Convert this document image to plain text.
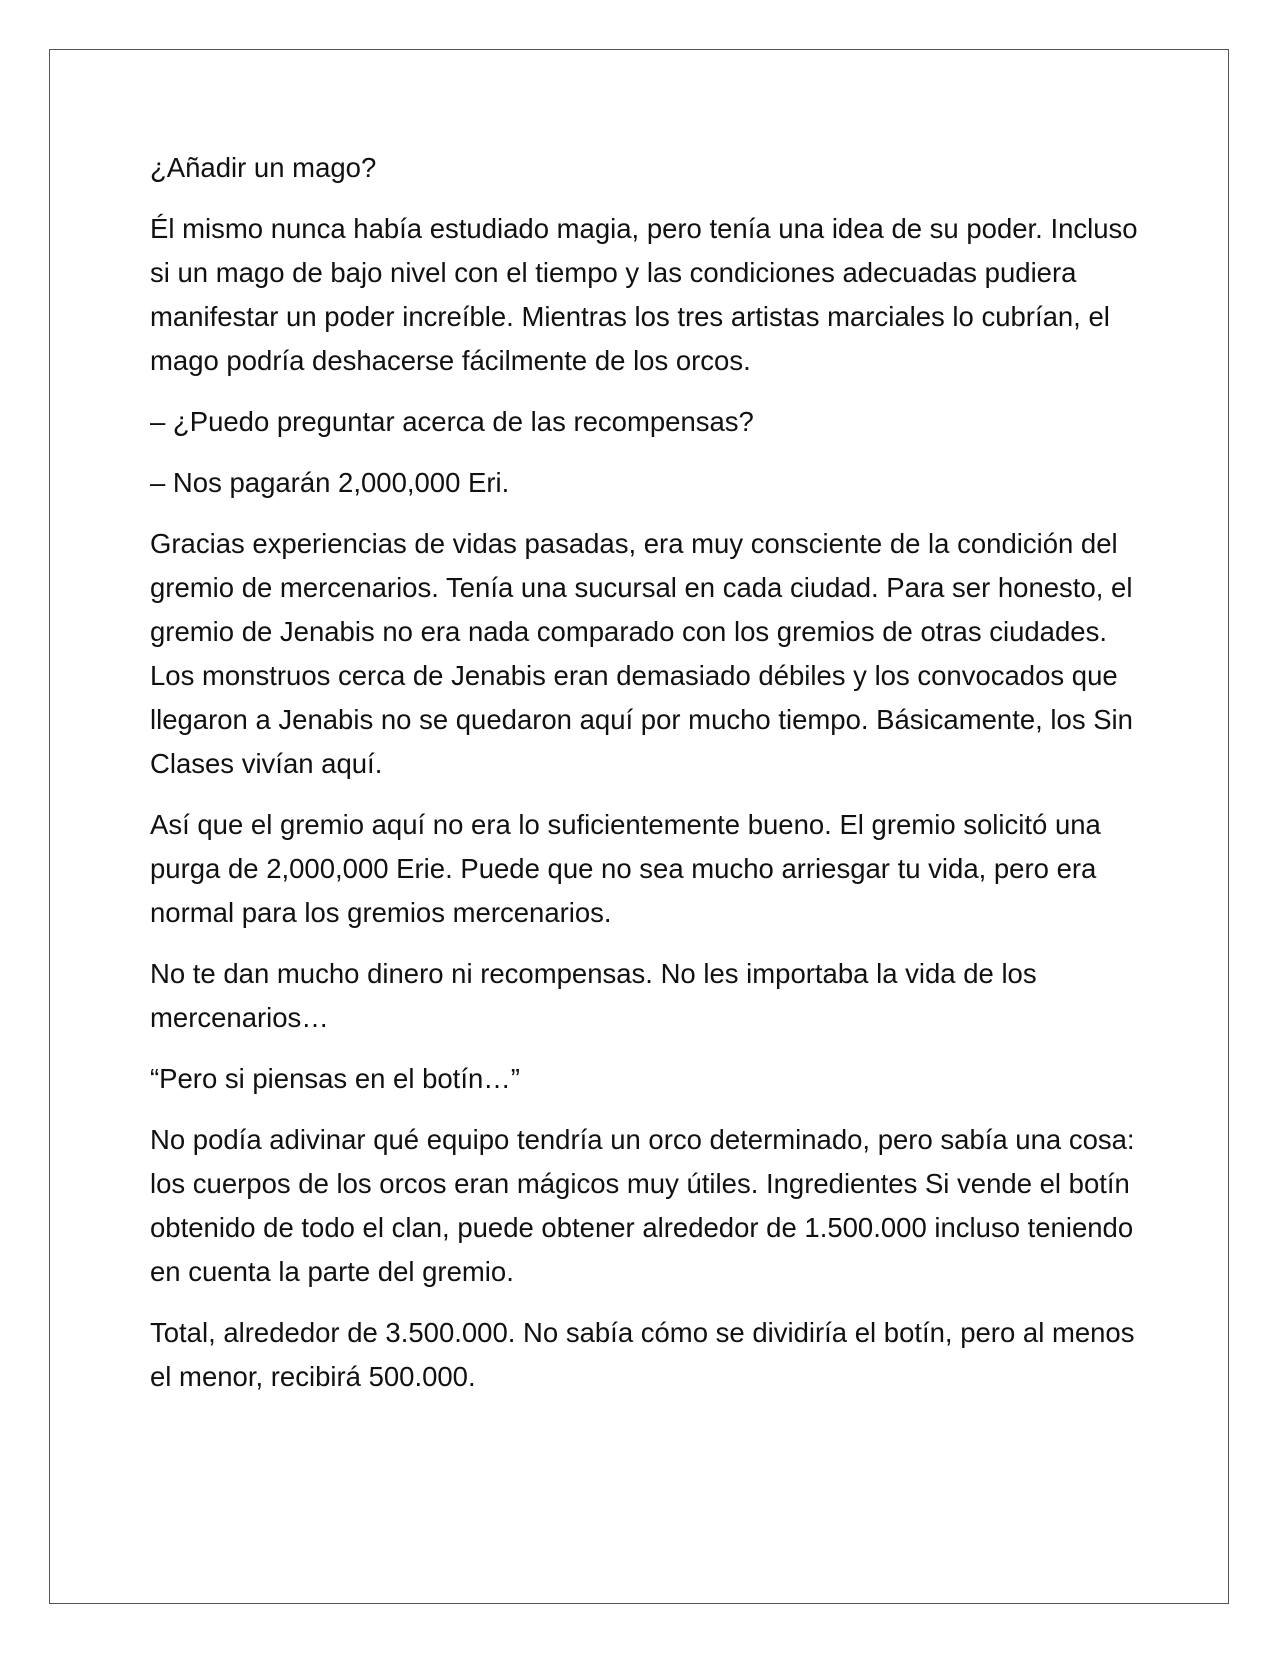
¿Añadir un mago?

Él mismo nunca había estudiado magia, pero tenía una idea de su poder. Incluso si un mago de bajo nivel con el tiempo y las condiciones adecuadas pudiera manifestar un poder increíble. Mientras los tres artistas marciales lo cubrían, el mago podría deshacerse fácilmente de los orcos.

– ¿Puedo preguntar acerca de las recompensas?

– Nos pagarán 2,000,000 Eri.

Gracias experiencias de vidas pasadas, era muy consciente de la condición del gremio de mercenarios. Tenía una sucursal en cada ciudad. Para ser honesto, el gremio de Jenabis no era nada comparado con los gremios de otras ciudades. Los monstruos cerca de Jenabis eran demasiado débiles y los convocados que llegaron a Jenabis no se quedaron aquí por mucho tiempo. Básicamente, los Sin Clases vivían aquí.

Así que el gremio aquí no era lo suficientemente bueno. El gremio solicitó una purga de 2,000,000 Erie. Puede que no sea mucho arriesgar tu vida, pero era normal para los gremios mercenarios.

No te dan mucho dinero ni recompensas. No les importaba la vida de los mercenarios…

“Pero si piensas en el botín…”

No podía adivinar qué equipo tendría un orco determinado, pero sabía una cosa: los cuerpos de los orcos eran mágicos muy útiles. Ingredientes Si vende el botín obtenido de todo el clan, puede obtener alrededor de 1.500.000 incluso teniendo en cuenta la parte del gremio.

Total, alrededor de 3.500.000. No sabía cómo se dividiría el botín, pero al menos el menor, recibirá 500.000.
